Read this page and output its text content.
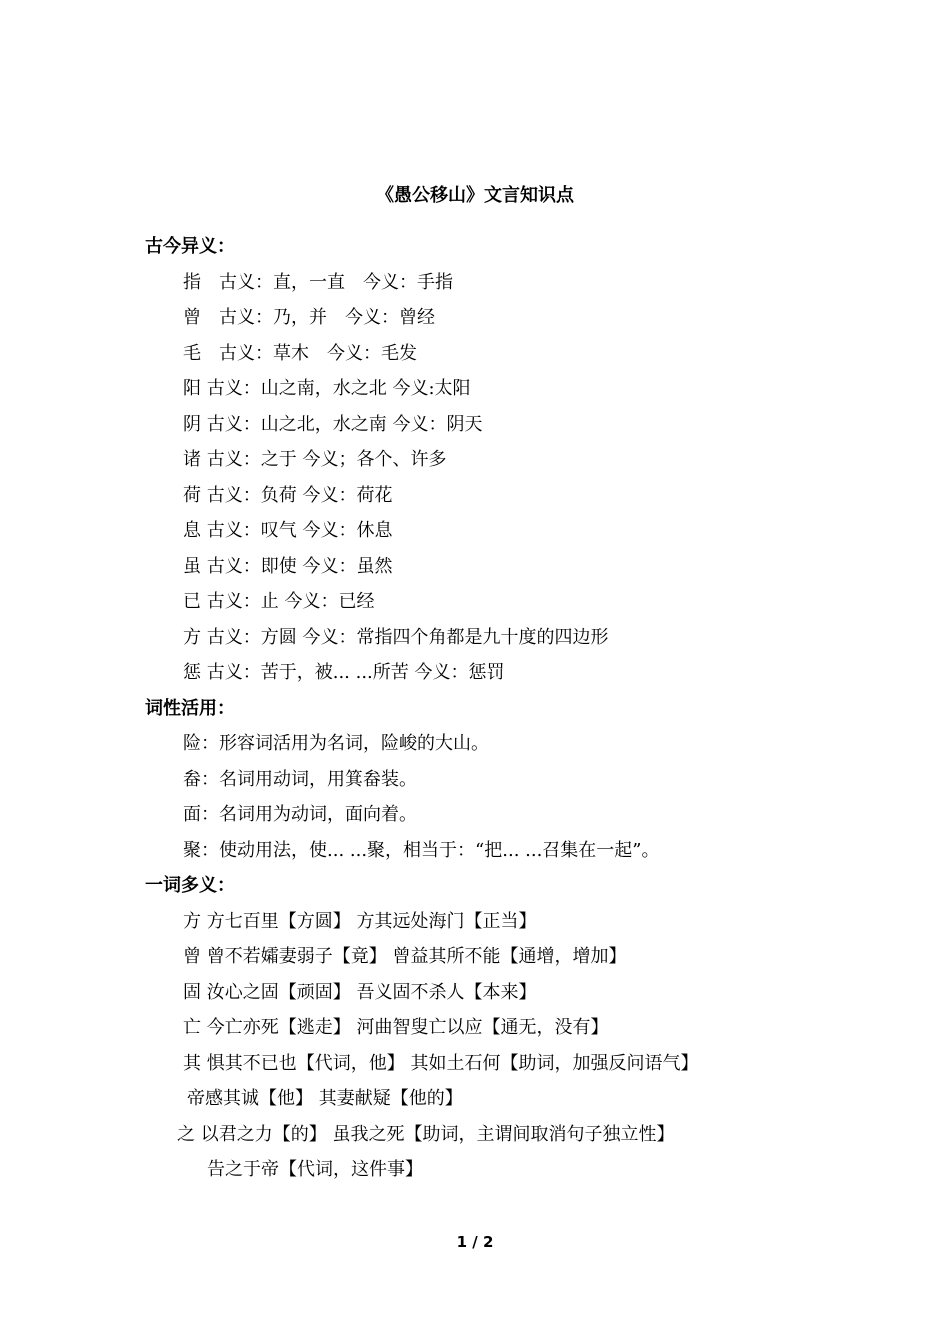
《愚公移山》文言知识点
古今异义：
指　古义：直，一直　今义：手指
曾　古义：乃，并　今义：曾经
毛　古义：草木　今义：毛发
阳 古义：山之南，水之北 今义:太阳
阴 古义：山之北，水之南 今义：阴天
诸 古义：之于 今义；各个、许多
荷 古义：负荷 今义：荷花
息 古义：叹气 今义：休息
虽 古义：即使 今义：虽然
已 古义：止 今义：已经
方 古义：方圆 今义：常指四个角都是九十度的四边形
惩 古义：苦于，被... ...所苦 今义：惩罚
词性活用：
险：形容词活用为名词，险峻的大山。
畚：名词用动词，用箕畚装。
面：名词用为动词，面向着。
聚：使动用法，使... ...聚，相当于：“把... ...召集在一起”。
一词多义：
方 方七百里【方圆】 方其远处海门【正当】
曾 曾不若孀妻弱子【竟】 曾益其所不能【通增，增加】
固 汝心之固【顽固】 吾义固不杀人【本来】
亡 今亡亦死【逃走】 河曲智叟亡以应【通无，没有】
其 惧其不已也【代词，他】 其如土石何【助词，加强反问语气】
帝感其诚【他】 其妻献疑【他的】
之 以君之力【的】 虽我之死【助词，主谓间取消句子独立性】
告之于帝【代词，这件事】
1 / 2
